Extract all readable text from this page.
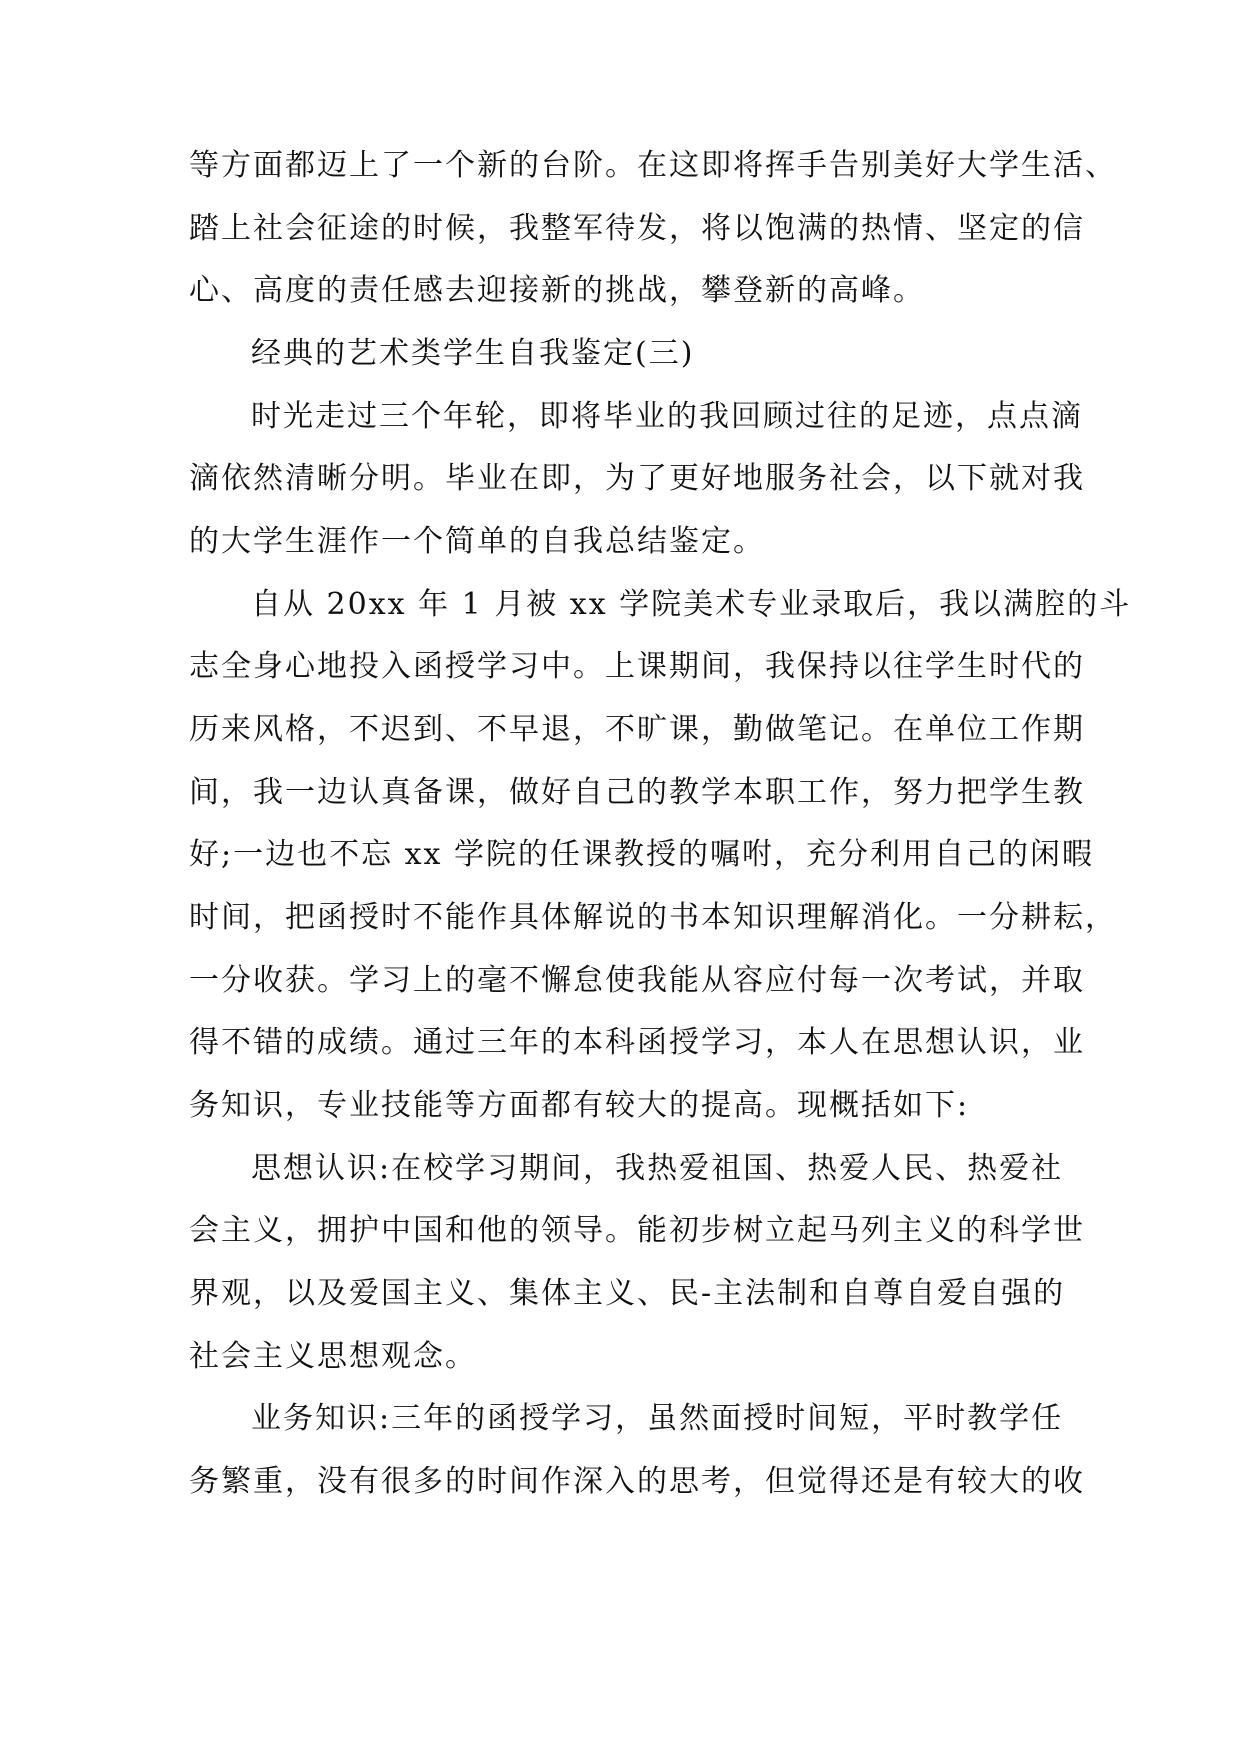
等方面都迈上了一个新的台阶。在这即将挥手告别美好大学生活、

踏上社会征途的时候，我整军待发，将以饱满的热情、坚定的信

心、高度的责任感去迎接新的挑战，攀登新的高峰。

经典的艺术类学生自我鉴定(三)

时光走过三个年轮，即将毕业的我回顾过往的足迹，点点滴

滴依然清晰分明。毕业在即，为了更好地服务社会，以下就对我

的大学生涯作一个简单的自我总结鉴定。

自从 20xx 年 1 月被 xx 学院美术专业录取后，我以满腔的斗

志全身心地投入函授学习中。上课期间，我保持以往学生时代的

历来风格，不迟到、不早退，不旷课，勤做笔记。在单位工作期

间，我一边认真备课，做好自己的教学本职工作，努力把学生教

好;一边也不忘 xx 学院的任课教授的嘱咐，充分利用自己的闲暇

时间，把函授时不能作具体解说的书本知识理解消化。一分耕耘，

一分收获。学习上的毫不懈怠使我能从容应付每一次考试，并取

得不错的成绩。通过三年的本科函授学习，本人在思想认识，业

务知识，专业技能等方面都有较大的提高。现概括如下:

思想认识:在校学习期间，我热爱祖国、热爱人民、热爱社

会主义，拥护中国和他的领导。能初步树立起马列主义的科学世

界观，以及爱国主义、集体主义、民-主法制和自尊自爱自强的

社会主义思想观念。

业务知识:三年的函授学习，虽然面授时间短，平时教学任

务繁重，没有很多的时间作深入的思考，但觉得还是有较大的收
